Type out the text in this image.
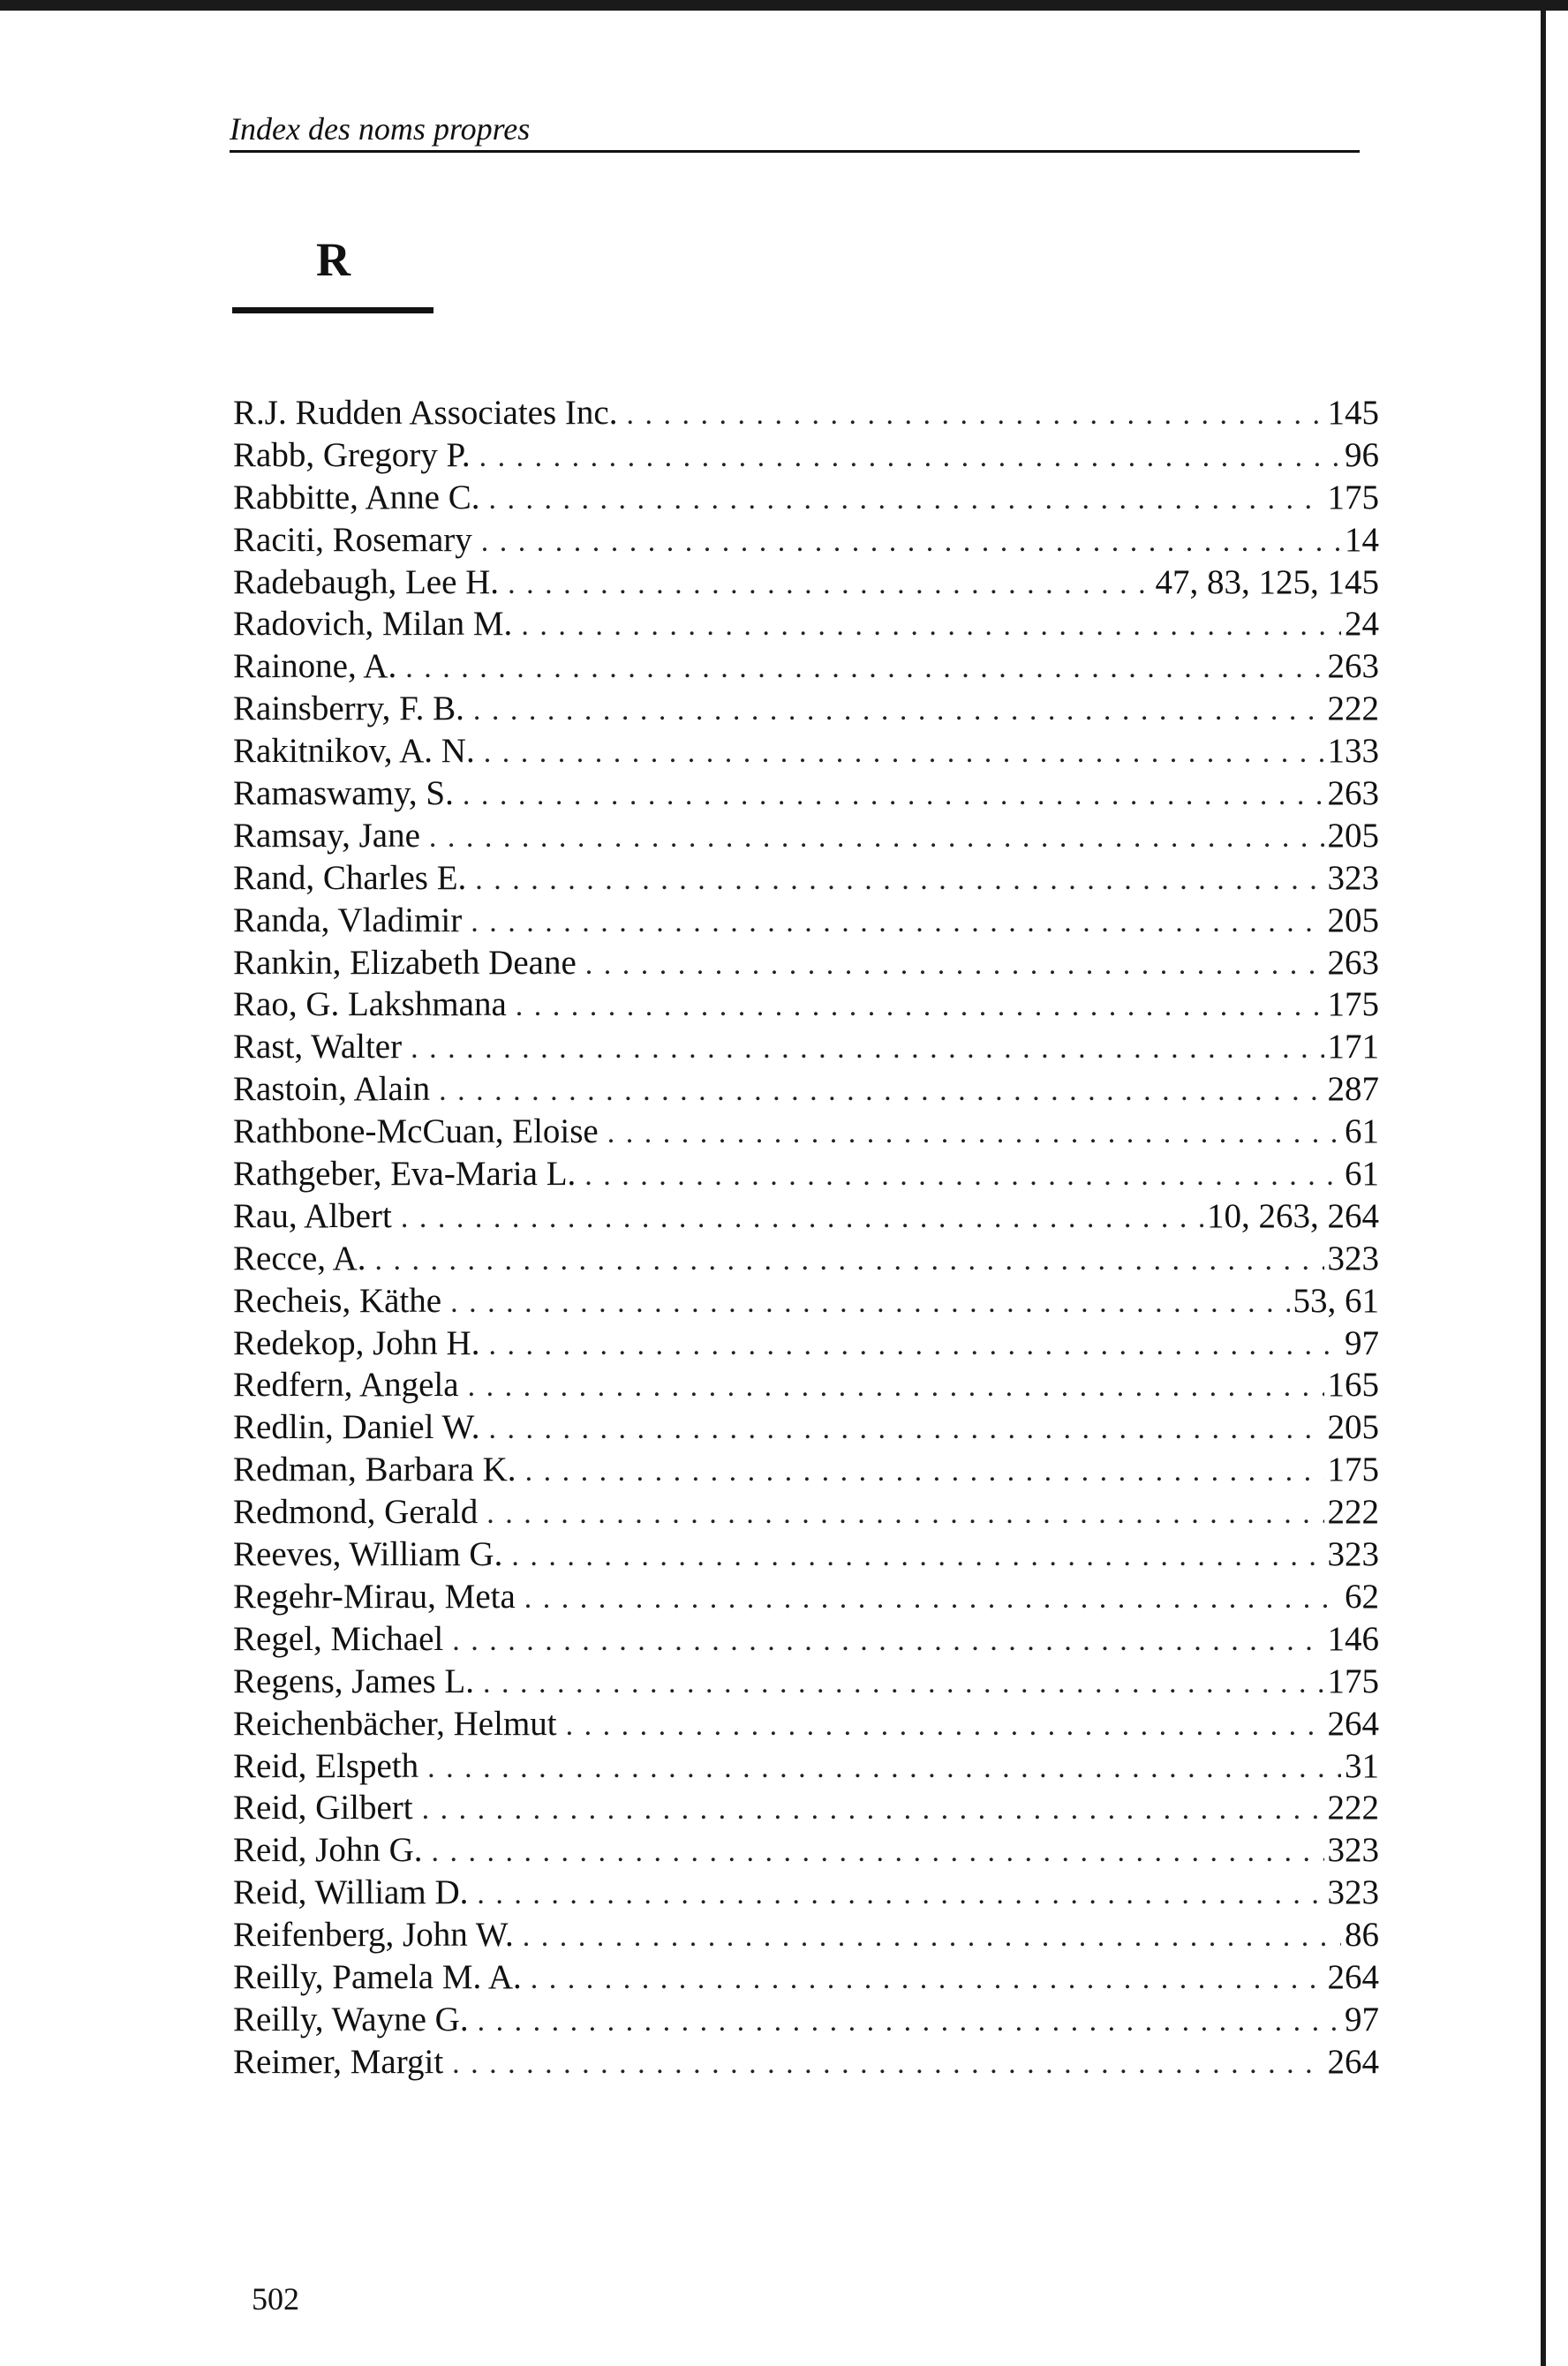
Index des noms propres
R
R.J. Rudden Associates Inc. . . .	145
Rabb, Gregory P. . . .	96
Rabbitte, Anne C. . . .	175
Raciti, Rosemary . . .	14
Radebaugh, Lee H. . . .	47, 83, 125, 145
Radovich, Milan M. . . .	24
Rainone, A. . . .	263
Rainsberry, F. B. . . .	222
Rakitnikov, A. N. . . .	133
Ramaswamy, S. . . .	263
Ramsay, Jane . . .	205
Rand, Charles E. . . .	323
Randa, Vladimir . . .	205
Rankin, Elizabeth Deane . . .	263
Rao, G. Lakshmana . . .	175
Rast, Walter . . .	171
Rastoin, Alain . . .	287
Rathbone-McCuan, Eloise . . .	61
Rathgeber, Eva-Maria L. . . .	61
Rau, Albert . . .	10, 263, 264
Recce, A. . . .	323
Recheis, Käthe . . .	53, 61
Redekop, John H. . . .	97
Redfern, Angela . . .	165
Redlin, Daniel W. . . .	205
Redman, Barbara K. . . .	175
Redmond, Gerald . . .	222
Reeves, William G. . . .	323
Regehr-Mirau, Meta . . .	62
Regel, Michael . . .	146
Regens, James L. . . .	175
Reichenbächer, Helmut . . .	264
Reid, Elspeth . . .	31
Reid, Gilbert . . .	222
Reid, John G. . . .	323
Reid, William D. . . .	323
Reifenberg, John W. . . .	86
Reilly, Pamela M. A. . . .	264
Reilly, Wayne G. . . .	97
Reimer, Margit . . .	264
502
